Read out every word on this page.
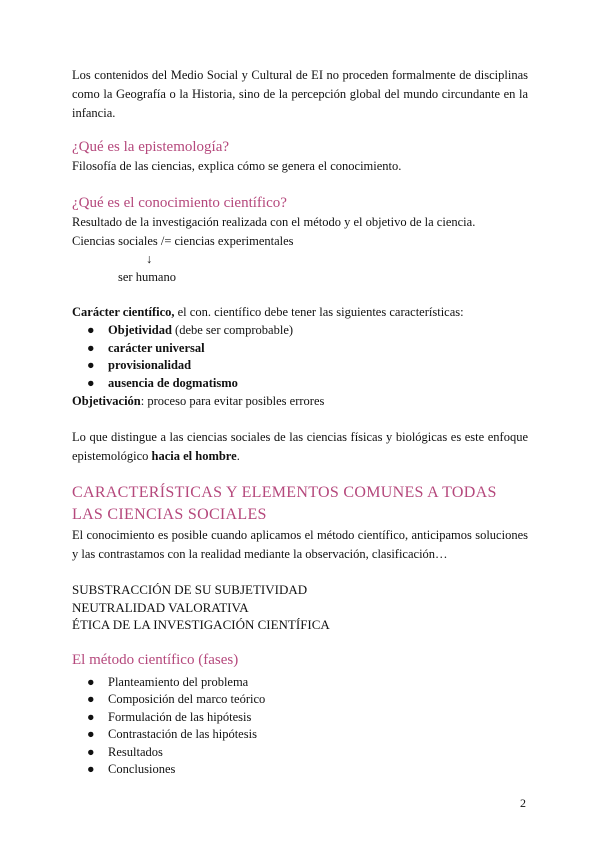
Los contenidos del Medio Social y Cultural de EI no proceden formalmente de disciplinas como la Geografía o la Historia, sino de la percepción global del mundo circundante en la infancia.

¿Qué es la epistemología?

Filosofía de las ciencias, explica cómo se genera el conocimiento.

¿Qué es el conocimiento científico?

Resultado de la investigación realizada con el método y el objetivo de la ciencia.

Ciencias sociales /= ciencias experimentales

↓

ser humano

Carácter científico, el con. científico debe tener las siguientes características:

● Objetividad (debe ser comprobable)
● carácter universal
● provisionalidad
● ausencia de dogmatismo

Objetivación: proceso para evitar posibles errores

Lo que distingue a las ciencias sociales de las ciencias físicas y biológicas es este enfoque epistemológico hacia el hombre.

CARACTERÍSTICAS Y ELEMENTOS COMUNES A TODAS LAS CIENCIAS SOCIALES

El conocimiento es posible cuando aplicamos el método científico, anticipamos soluciones y las contrastamos con la realidad mediante la observación, clasificación…

SUBSTRACCIÓN DE SU SUBJETIVIDAD

NEUTRALIDAD VALORATIVA

ÉTICA DE LA INVESTIGACIÓN CIENTÍFICA

El método científico (fases)

● Planteamiento del problema
● Composición del marco teórico
● Formulación de las hipótesis
● Contrastación de las hipótesis
● Resultados
● Conclusiones
2
